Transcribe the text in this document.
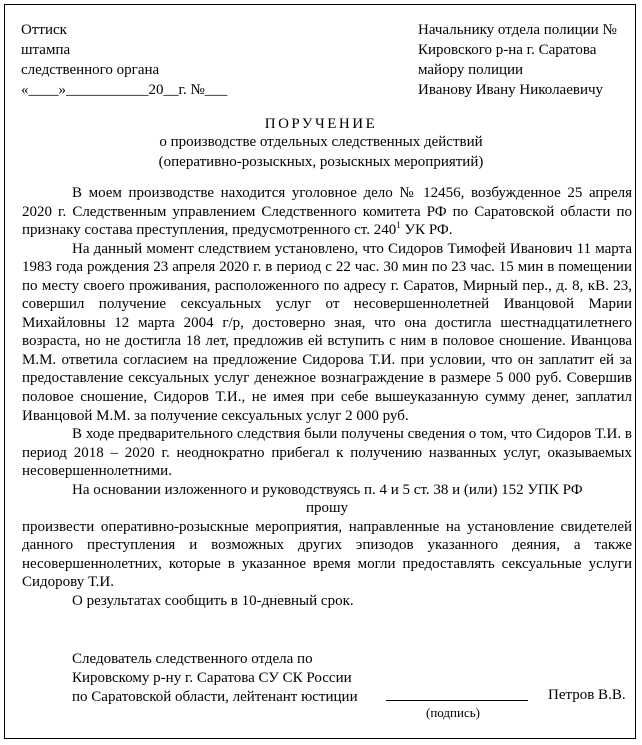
Оттиск
штампа
следственного органа
«____»___________20__г. №___
Начальнику отдела полиции №
Кировского р-на г. Саратова
майору полиции
Иванову Ивану Николаевичу
ПОРУЧЕНИЕ
о производстве отдельных следственных действий
(оперативно-розыскных, розыскных мероприятий)

В моем производстве находится уголовное дело № 12456, возбужденное 25 апреля 2020 г. Следственным управлением Следственного комитета РФ по Саратовской области по признаку состава преступления, предусмотренного ст. $240^1$ УК РФ.

На данный момент следствием установлено, что Сидоров Тимофей Иванович 11 марта 1983 года рождения 23 апреля 2020 г. в период с 22 час. 30 мин по 23 час. 15 мин в помещении по месту своего проживания, расположенного по адресу г. Саратов, Мирный пер., д. 8, кВ. 23, совершил получение сексуальных услуг от несовершеннолетней Иванцовой Марии Михайловны 12 марта 2004 г/р, достоверно зная, что она достигла шестнадцатилетнего возраста, но не достигла 18 лет, предложив ей вступить с ним в половое сношение. Иванцова М.М. ответила согласием на предложение Сидорова Т.И. при условии, что он заплатит ей за предоставление сексуальных услуг денежное вознаграждение в размере 5 000 руб. Совершив половое сношение, Сидоров Т.И., не имея при себе вышеуказанную сумму денег, заплатил Иванцовой М.М. за получение сексуальных услуг 2 000 руб.

В ходе предварительного следствия были получены сведения о том, что Сидоров Т.И. в период 2018 – 2020 г. неоднократно прибегал к получению названных услуг, оказываемых несовершеннолетними.

На основании изложенного и руководствуясь п. 4 и 5 ст. 38 и (или) 152 УПК РФ

прошу

произвести оперативно-розыскные мероприятия, направленные на установление свидетелей данного преступления и возможных других эпизодов указанного деяния, а также несовершеннолетних, которые в указанное время могли предоставлять сексуальные услуги Сидорову Т.И.

О результатах сообщить в 10-дневный срок.

Следователь следственного отдела по
Кировскому р-ну г. Саратова СУ СК России
по Саратовской области, лейтенант юстиции	Петров В.В.
(подпись)
